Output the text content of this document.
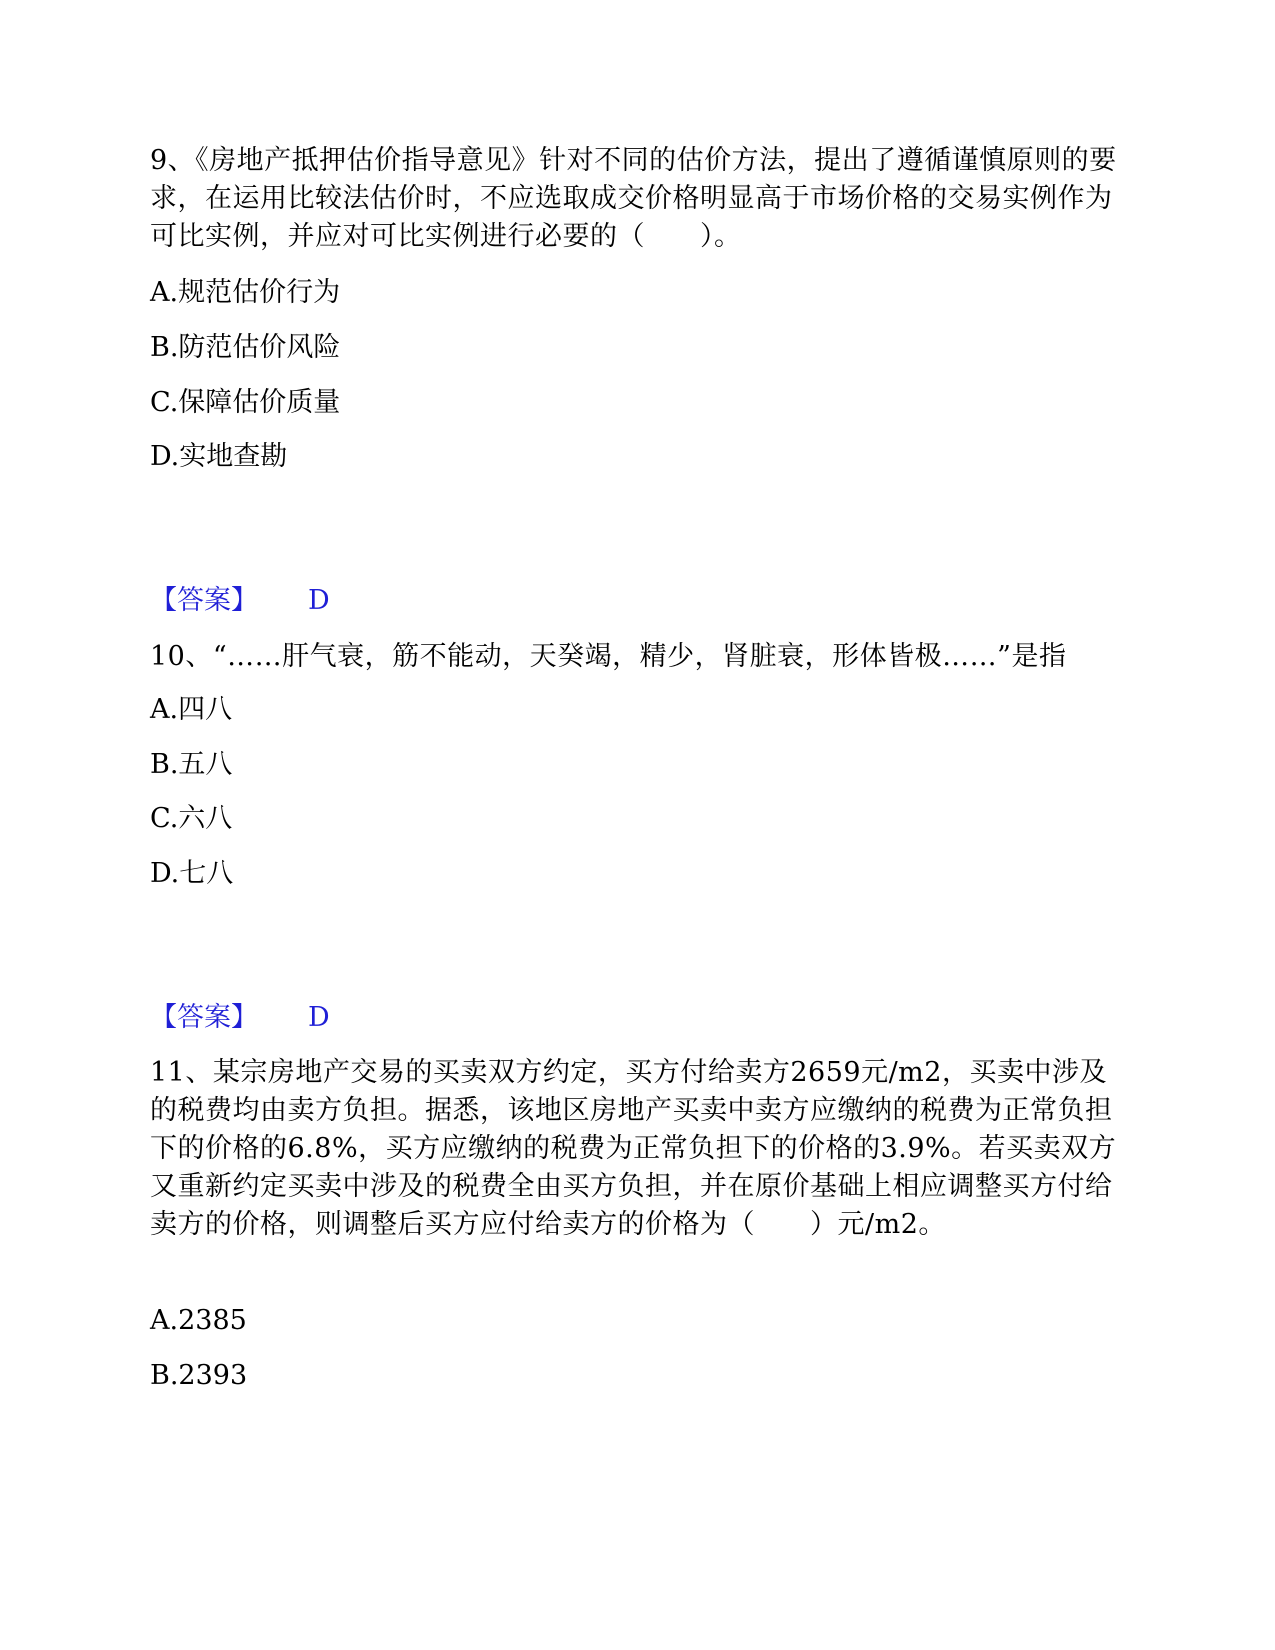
9、《房地产抵押估价指导意见》针对不同的估价方法，提出了遵循谨慎原则的要求，在运用比较法估价时，不应选取成交价格明显高于市场价格的交易实例作为可比实例，并应对可比实例进行必要的（　　）。

A.规范估价行为

B.防范估价风险

C.保障估价质量

D.实地查勘

【答案】 D

10、“……肝气衰，筋不能动，天癸竭，精少，肾脏衰，形体皆极……”是指

A.四八

B.五八

C.六八

D.七八

【答案】 D

11、某宗房地产交易的买卖双方约定，买方付给卖方2659元/m2，买卖中涉及的税费均由卖方负担。据悉，该地区房地产买卖中卖方应缴纳的税费为正常负担下的价格的6.8%，买方应缴纳的税费为正常负担下的价格的3.9%。若买卖双方又重新约定买卖中涉及的税费全由买方负担，并在原价基础上相应调整买方付给卖方的价格，则调整后买方应付给卖方的价格为（　　）元/m2。

A.2385

B.2393
